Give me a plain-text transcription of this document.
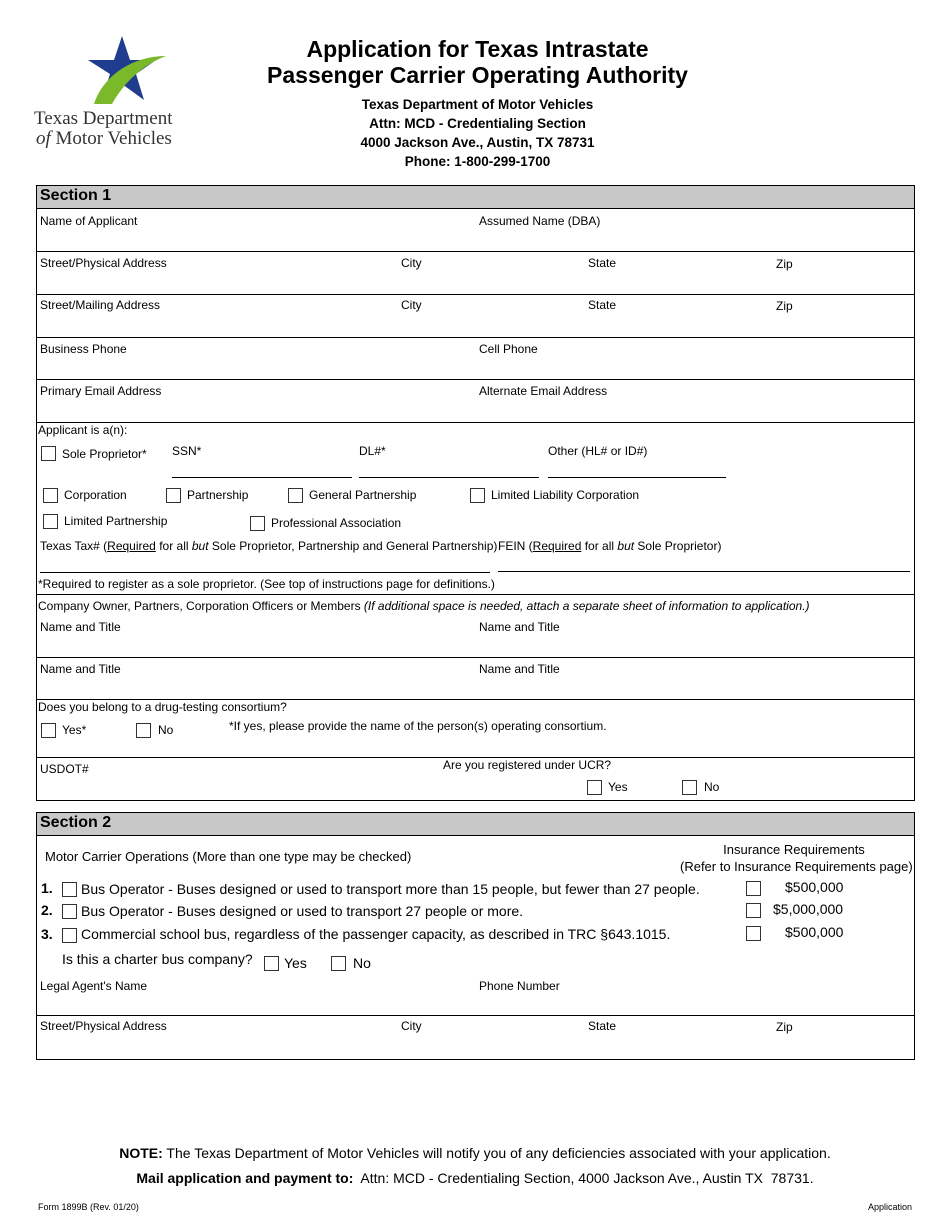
Texas Department
of Motor Vehicles
Application for Texas Intrastate
Passenger Carrier Operating Authority
Texas Department of Motor Vehicles
Attn: MCD - Credentialing Section
4000 Jackson Ave., Austin, TX 78731
Phone: 1-800-299-1700
Section 1
Name of Applicant	Assumed Name (DBA)
Street/Physical Address	City	State	Zip
Street/Mailing Address	City	State	Zip
Business Phone	Cell Phone
Primary Email Address	Alternate Email Address
Applicant is a(n):
Sole Proprietor* SSN*	DL#*	Other (HL# or ID#)
Corporation	Partnership	General Partnership	Limited Liability Corporation
Limited Partnership	Professional Association
Texas Tax# (Required for all but Sole Proprietor, Partnership and General Partnership) FEIN (Required for all but Sole Proprietor)
*Required to register as a sole proprietor. (See top of instructions page for definitions.)
Company Owner, Partners, Corporation Officers or Members (If additional space is needed, attach a separate sheet of information to application.)
Name and Title	Name and Title
Name and Title	Name and Title
Does you belong to a drug-testing consortium?
Yes*	No	*If yes, please provide the name of the person(s) operating consortium.
USDOT#	Are you registered under UCR?
Yes	No
Section 2
Motor Carrier Operations (More than one type may be checked)	Insurance Requirements
(Refer to Insurance Requirements page)
1. Bus Operator - Buses designed or used to transport more than 15 people, but fewer than 27 people.	$500,000
2. Bus Operator - Buses designed or used to transport 27 people or more.	$5,000,000
3. Commercial school bus, regardless of the passenger capacity, as described in TRC §643.1015.	$500,000
Is this a charter bus company? Yes	No
Legal Agent's Name	Phone Number
Street/Physical Address	City	State	Zip
NOTE: The Texas Department of Motor Vehicles will notify you of any deficiencies associated with your application.
Mail application and payment to:  Attn: MCD - Credentialing Section, 4000 Jackson Ave., Austin TX  78731.
Form 1899B (Rev. 01/20)	Application
